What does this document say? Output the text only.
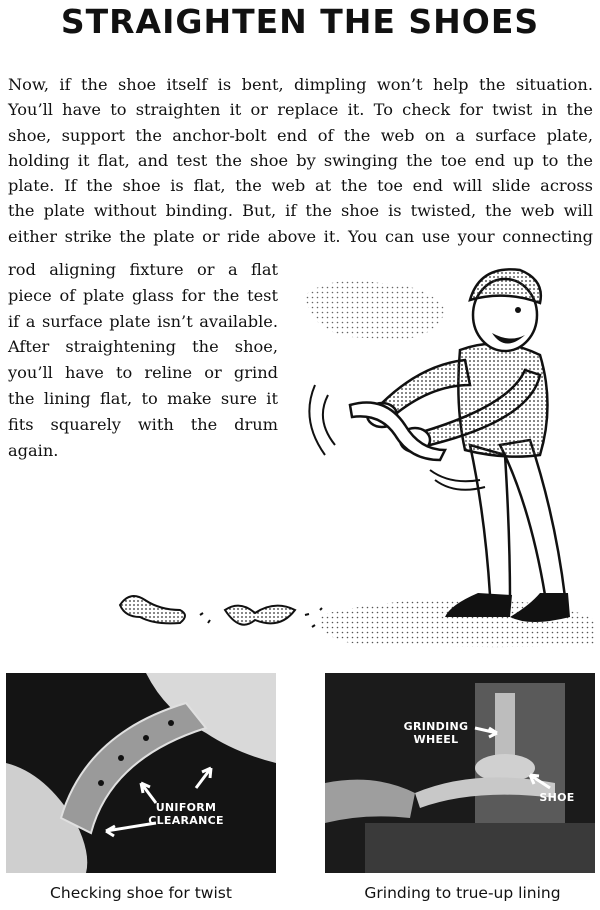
STRAIGHTEN THE SHOES
Now, if the shoe itself is bent, dimpling won’t help the situation.
You’ll have to straighten it or replace it. To check for twist in the
shoe, support the anchor-bolt end of the web on a surface plate,
holding it flat, and test the shoe by swinging the toe end up to the
plate. If the shoe is flat, the web at the toe end will slide across
the plate without binding. But, if the shoe is twisted, the web will
either strike the plate or ride above it. You can use your connecting
rod aligning fixture or a flat
piece of plate glass for the test
if a surface plate isn’t available.
After straightening the shoe,
you’ll have to reline or grind
the lining flat, to make sure it
fits squarely with the drum
again.
UNIFORM
CLEARANCE
GRINDING WHEEL
SHOE
Checking shoe for twist	Grinding to true-up lining
